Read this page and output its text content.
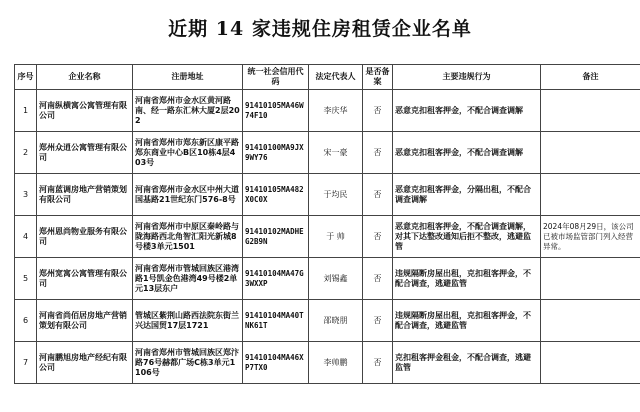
近期 14 家违规住房租赁企业名单
序号	企业名称	注册地址	统一社会信用代码	法定代表人	是否备案	主要违规行为	备注
1	河南纵横寓公寓管理有限公司	河南省郑州市金水区黄河路南、经一路东汇林大厦2层202	91410105MA46W74F10	李庆华	否	恶意克扣租客押金，不配合调查调解	
2	郑州众逍公寓管理有限公司	河南省郑州市郑东新区康平路郑东商业中心B区10栋4层403号	91410100MA9JX9WY76	宋一豪	否	恶意克扣租客押金，不配合调查调解	
3	河南蓝调房地产营销策划有限公司	河南省郑州市金水区中州大道国基路21世纪东门576-8号	91410105MA482X0C0X	于均民	否	恶意克扣租客押金，分隔出租，不配合调查调解	
4	郑州恩尚物业服务有限公司	河南省郑州市中原区秦岭路与陇海路西北角智汇阳光新城8号楼3单元1501	91410102MADHEG2B9N	于 帅	否	恶意克扣租客押金，不配合调查调解，对其下达整改通知后拒不整改，逃避监管	2024年08月29日，该公司已被市场监管部门列入经营异常。
5	郑州宽寓公寓管理有限公司	河南省郑州市管城回族区港湾路1号凯金色港湾49号楼2单元13层东户	91410104MA47G3WXXP	刘锡鑫	否	违规隔断房屋出租，克扣租客押金，不配合调查，逃避监管	
6	河南省尚佰居房地产营销策划有限公司	管城区紫荆山路西法院东街兰兴达国贸17层1721	91410104MA40TNK61T	邵晓朋	否	违规隔断房屋出租，克扣租客押金，不配合调查，逃避监管	
7	河南鹏旭房地产经纪有限公司	河南省郑州市管城回族区郑汴路76号赫都广场C栋3单元1106号	91410104MA46XP7TX0	李帅鹏	否	克扣租客押金租金，不配合调查，逃避监管	
